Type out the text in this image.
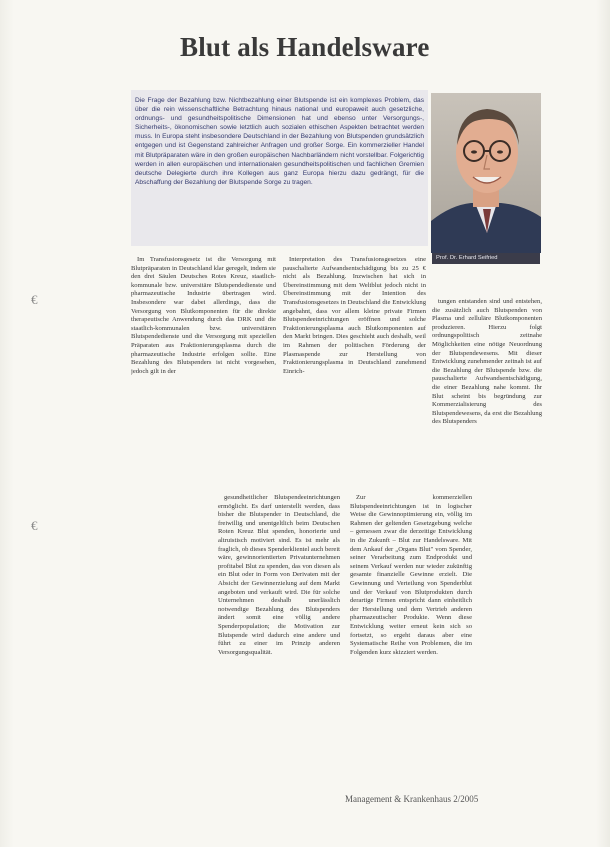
Blut als Handelsware
Die Frage der Bezahlung bzw. Nichtbezahlung einer Blutspende ist ein komplexes Problem, das über die rein wissenschaftliche Betrachtung hinaus national und europaweit auch gesetzliche, ordnungs- und gesundheitspolitische Dimensionen hat und ebenso unter Versorgungs-, Sicherheits-, ökonomischen sowie letztlich auch sozialen ethischen Aspekten betrachtet werden muss. In Europa steht insbesondere Deutschland in der Bezahlung von Blutspenden grundsätzlich entgegen und ist Gegenstand zahlreicher Anfragen und großer Sorge. Ein kommerzieller Handel mit Blutpräparaten wäre in den großen europäischen Nachbarländern nicht vorstellbar. Folgerichtig werden in allen europäischen und internationalen gesundheitspolitischen und fachlichen Gremien deutsche Delegierte durch ihre Kollegen aus ganz Europa hierzu dazu gedrängt, für die Abschaffung der Bezahlung der Blutspende Sorge zu tragen.
Prof. Dr. Erhard Seifried

Im Transfusionsgesetz ist die Versorgung mit Blutpräparaten in Deutschland klar geregelt, indem sie den drei Säulen Deutsches Rotes Kreuz, staatlich-kommunale bzw. universitäre Blutspendedienste und pharmazeutische Industrie übertragen wird. Insbesondere war dabei allerdings, dass die Versorgung von Blutkomponenten für die direkte therapeutische Anwendung durch das DRK und die staatlich-kommunalen bzw. universitären Blutspendedienste und die Versorgung mit speziellen Präparaten aus Fraktionierungsplasma durch die pharmazeutische Industrie erfolgen sollte. Eine Bezahlung des Blutspenders ist nicht vorgesehen, jedoch gilt in der

Interpretation des Transfusionsgesetzes eine pauschalierte Aufwandsentschädigung bis zu 25 € nicht als Bezahlung. Inzwischen hat sich in Übereinstimmung mit dem Weltblut jedoch nicht in Übereinstimmung mit der Intention des Transfusionsgesetzes in Deutschland die Entwicklung angebahnt, dass vor allem kleine private Firmen Blutspendeeinrichtungen eröffnen und solche Fraktionierungsplasma auch Blutkomponenten auf den Markt bringen. Dies geschieht auch deshalb, weil im Rahmen der politischen Förderung der Plasmaspende zur Herstellung von Fraktionierungsplasma in Deutschland zunehmend Einrich-

tungen entstanden sind und entstehen, die zusätzlich auch Blutspenden von Plasma und zelluläre Blutkomponenten produzieren. Hierzu folgt ordnungspolitisch zeitnahe Möglichkeiten eine nötige Neuordnung der Blutspendewesens. Mit dieser Entwicklung zunehmender zeitnah ist auf die Bezahlung der Blutspende bzw. die pauschalierte Aufwandsentschädigung, die einer Bezahlung nahe kommt. Ihr Blut scheint bis begründung zur Kommerzialisierung des Blutspendewesens, da erst die Bezahlung des Blutspenders

gesundheitlicher Blutspendeeinrichtungen ermöglicht. Es darf unterstellt werden, dass bisher die Blutspender in Deutschland, die freiwillig und unentgeltlich beim Deutschen Roten Kreuz Blut spenden, honorierte und altruistisch motiviert sind. Es ist mehr als fraglich, ob dieses Spenderklientel auch bereit wäre, gewinnorientierten Privatunternehmen profitabel Blut zu spenden, das von diesen als ein Blut oder in Form von Derivaten mit der Absicht der Gewinnerzielung auf dem Markt angeboten und verkauft wird. Die für solche Unternehmen deshalb unerlässlich notwendige Bezahlung des Blutspenders ändert somit eine völlig andere Spenderpopulation; die Motivation zur Blutspende wird dadurch eine andere und führt zu einer im Prinzip anderen Versorgungsqualität.

Zur kommerziellen Blutspendeeinrichtungen ist in logischer Weise die Gewinnoptimierung ein, völlig im Rahmen der geltenden Gesetzgebung welche – gemessen zwar die derzeitige Entwicklung in die Zukunft – Blut zur Handelsware. Mit dem Ankauf der „Organs Blut" vom Spender, seiner Verarbeitung zum Endprodukt und seinem Verkauf werden nur wieder zukünftig gesamte finanzielle Gewinne erzielt. Die Gewinnung und Verteilung von Spenderblut und der Verkauf von Blutprodukten durch derartige Firmen entspricht dann einheitlich der Herstellung und dem Vertrieb anderen pharmazeutischer Produkte. Wenn diese Entwicklung weiter erneut kein sich so fortsetzt, so ergeht daraus aber eine Systematische Reihe von Problemen, die im Folgenden kurz skizziert werden.

€
€
Management & Krankenhaus 2/2005
